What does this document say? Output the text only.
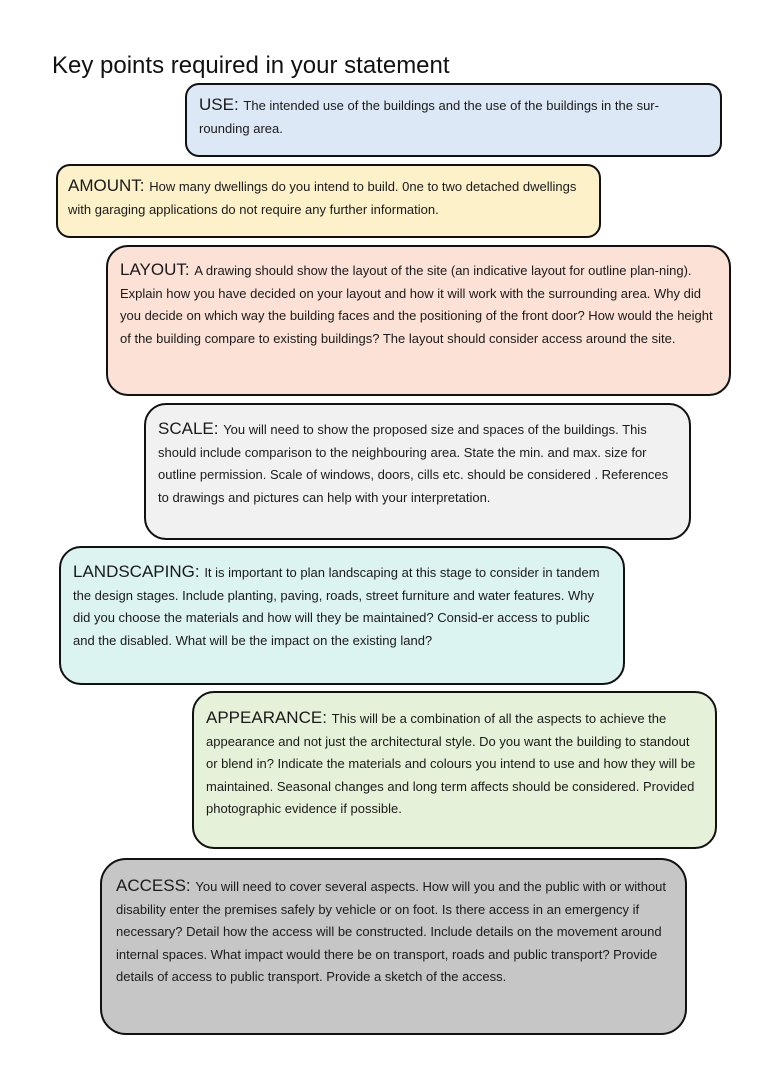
Key points required in your statement
USE: The intended use of the buildings and the use of the buildings in the sur-rounding area.
AMOUNT: How many dwellings do you intend to build. 0ne to two detached dwellings with garaging applications do not require any further information.
LAYOUT: A drawing should show the layout of the site (an indicative layout for outline plan-ning). Explain how you have decided on your layout and how it will work with the surrounding area. Why did you decide on which way the building faces and the positioning of the front door? How would the height of the building compare to existing buildings? The layout should consider access around the site.
SCALE: You will need to show the proposed size and spaces of the buildings. This should include comparison to the neighbouring area. State the min. and max. size for outline permission. Scale of windows, doors, cills etc. should be considered . References to drawings and pictures can help with your interpretation.
LANDSCAPING: It is important to plan landscaping at this stage to consider in tandem the design stages. Include planting, paving, roads, street furniture and water features. Why did you choose the materials and how will they be maintained? Consid-er access to public and the disabled. What will be the impact on the existing land?
APPEARANCE: This will be a combination of all the aspects to achieve the appearance and not just the architectural style. Do you want the building to standout or blend in? Indicate the materials and colours you intend to use and how they will be maintained. Seasonal changes and long term affects should be considered. Provided photographic evidence if possible.
ACCESS: You will need to cover several aspects. How will you and the public with or without disability enter the premises safely by vehicle or on foot. Is there access in an emergency if necessary? Detail how the access will be constructed. Include details on the movement around internal spaces. What impact would there be on transport, roads and public transport? Provide details of access to public transport. Provide a sketch of the access.
